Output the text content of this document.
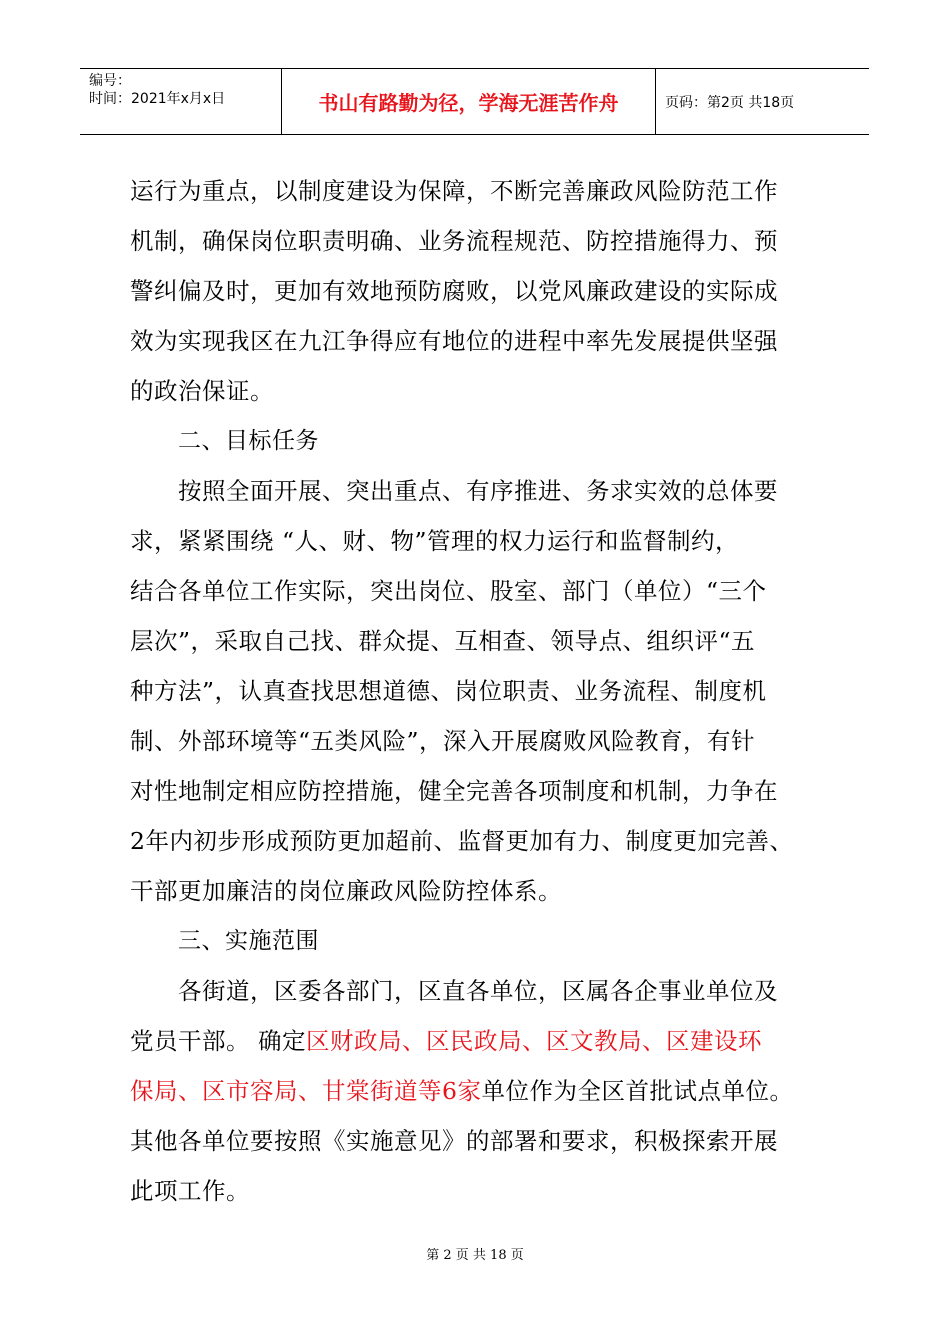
编号：
时间：2021年x月x日	书山有路勤为径，学海无涯苦作舟	页码：第2页 共18页
运行为重点，以制度建设为保障，不断完善廉政风险防范工作
机制，确保岗位职责明确、业务流程规范、防控措施得力、预
警纠偏及时，更加有效地预防腐败，以党风廉政建设的实际成
效为实现我区在九江争得应有地位的进程中率先发展提供坚强
的政治保证。
二、目标任务
按照全面开展、突出重点、有序推进、务求实效的总体要
求，紧紧围绕 “人、财、物”管理的权力运行和监督制约，
结合各单位工作实际，突出岗位、股室、部门（单位）“三个
层次”，采取自己找、群众提、互相查、领导点、组织评“五
种方法”，认真查找思想道德、岗位职责、业务流程、制度机
制、外部环境等“五类风险”，深入开展腐败风险教育，有针
对性地制定相应防控措施，健全完善各项制度和机制，力争在
2年内初步形成预防更加超前、监督更加有力、制度更加完善、
干部更加廉洁的岗位廉政风险防控体系。
三、实施范围
各街道，区委各部门，区直各单位，区属各企事业单位及
党员干部。 确定区财政局、区民政局、区文教局、区建设环
保局、区市容局、甘棠街道等6家单位作为全区首批试点单位。
其他各单位要按照《实施意见》的部署和要求，积极探索开展
此项工作。
第 2 页 共 18 页
